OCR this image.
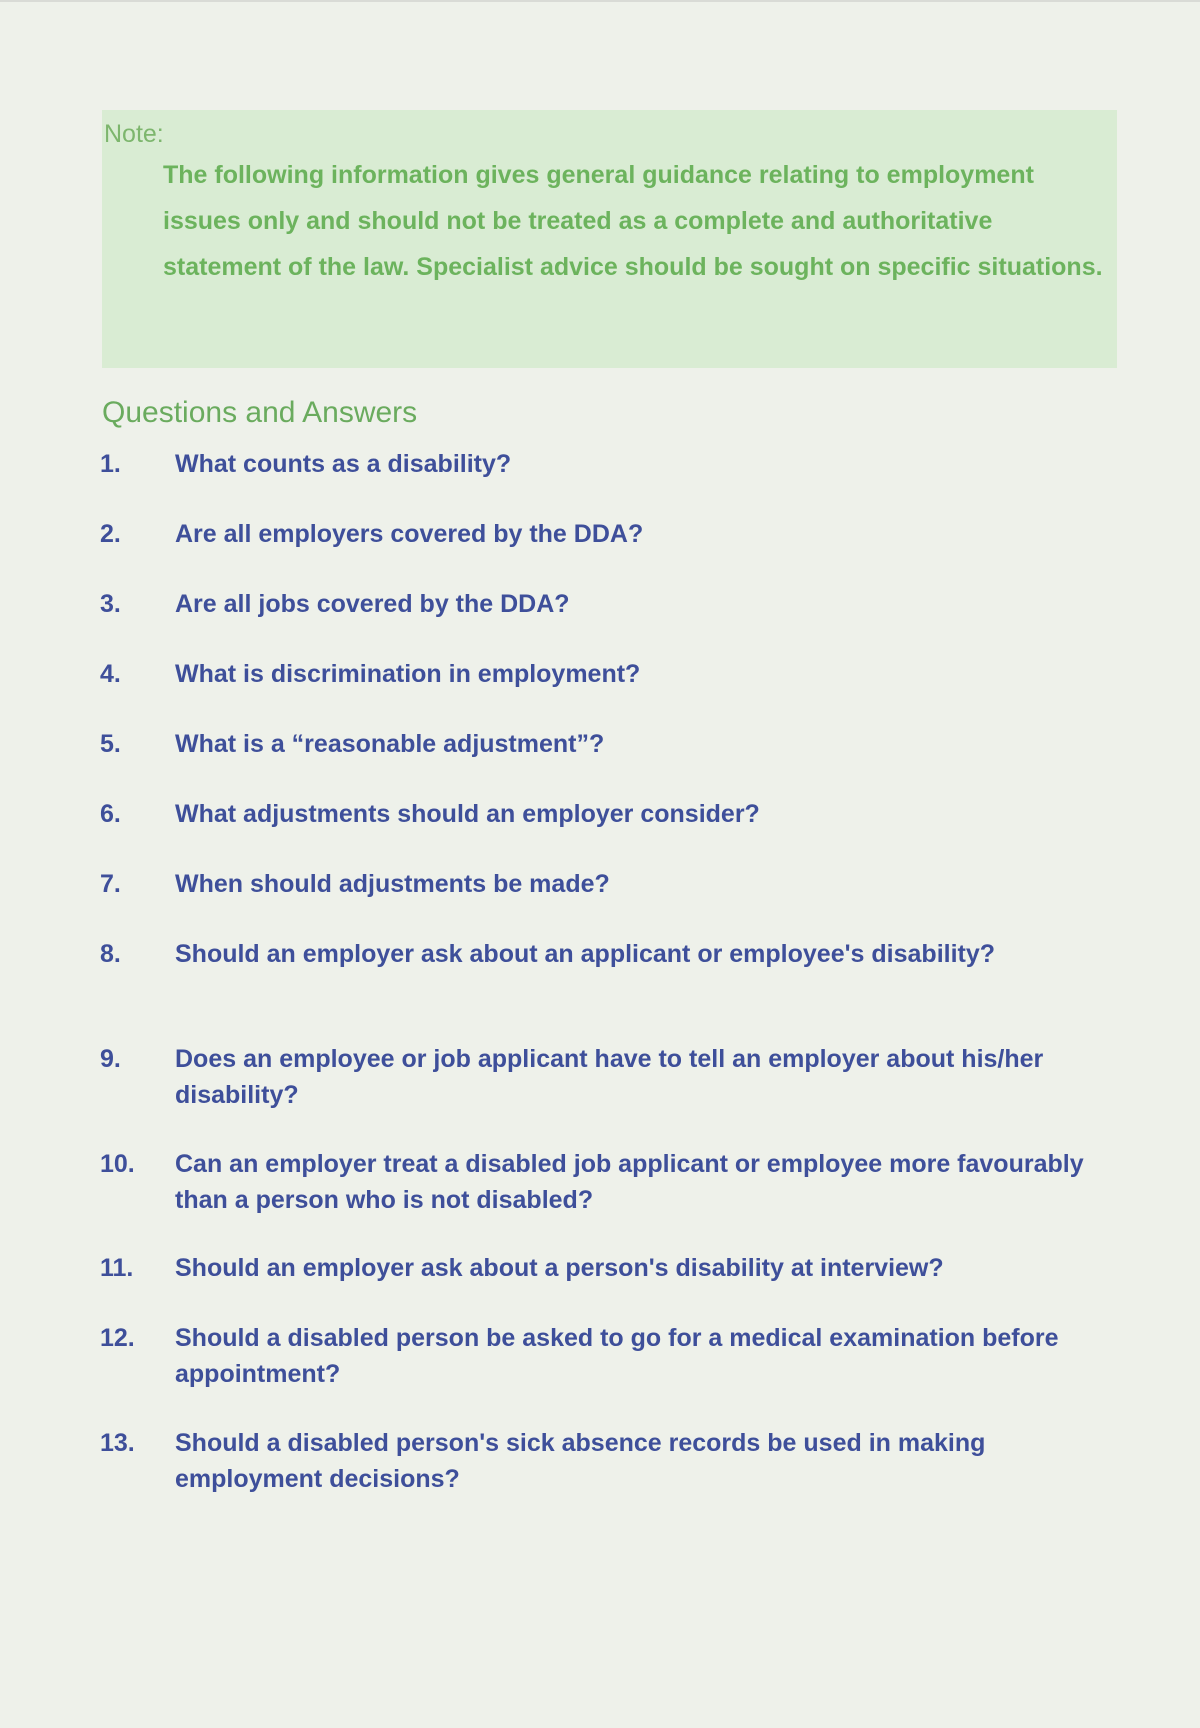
Note:

The following information gives general guidance relating to employment issues only and should not be treated as a complete and authoritative statement of the law. Specialist advice should be sought on specific situations.

Questions and Answers
1.	What counts as a disability?
2.	Are all employers covered by the DDA?
3.	Are all jobs covered by the DDA?
4.	What is discrimination in employment?
5.	What is a “reasonable adjustment”?
6.	What adjustments should an employer consider?
7.	When should adjustments be made?
8.	Should an employer ask about an applicant or employee's disability?
9.	Does an employee or job applicant have to tell an employer about his/her disability?
10.	Can an employer treat a disabled job applicant or employee more favourably than a person who is not disabled?
11.	Should an employer ask about a person's disability at interview?
12.	Should a disabled person be asked to go for a medical examination before appointment?
13.	Should a disabled person's sick absence records be used in making employment decisions?
